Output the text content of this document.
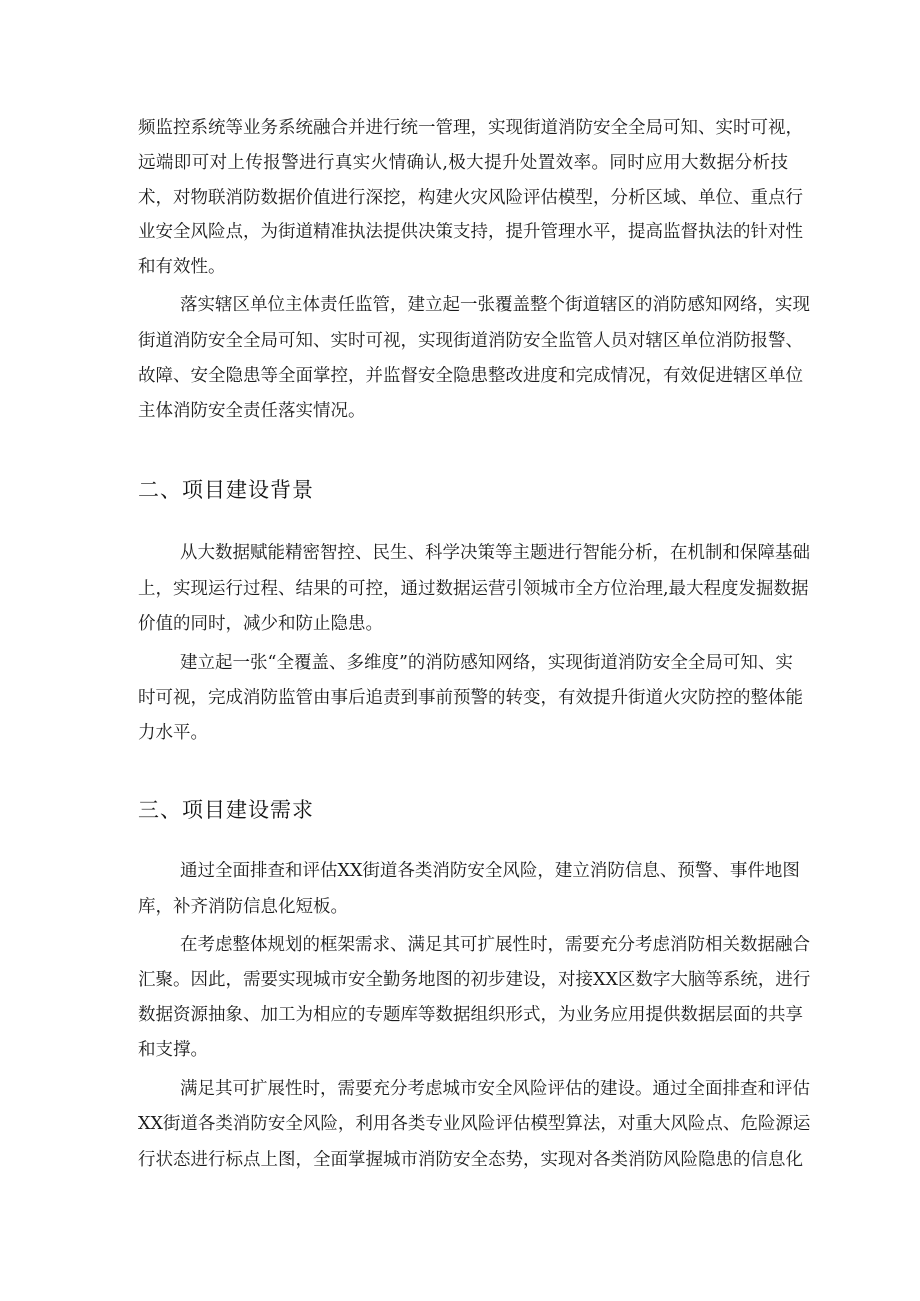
频监控系统等业务系统融合并进行统一管理，实现街道消防安全全局可知、实时可视，
远端即可对上传报警进行真实火情确认,极大提升处置效率。同时应用大数据分析技
术，对物联消防数据价值进行深挖，构建火灾风险评估模型，分析区域、单位、重点行
业安全风险点，为街道精准执法提供决策支持，提升管理水平，提高监督执法的针对性
和有效性。
落实辖区单位主体责任监管，建立起一张覆盖整个街道辖区的消防感知网络，实现
街道消防安全全局可知、实时可视，实现街道消防安全监管人员对辖区单位消防报警、
故障、安全隐患等全面掌控，并监督安全隐患整改进度和完成情况，有效促进辖区单位
主体消防安全责任落实情况。
二、项目建设背景
从大数据赋能精密智控、民生、科学决策等主题进行智能分析，在机制和保障基础
上，实现运行过程、结果的可控，通过数据运营引领城市全方位治理,最大程度发掘数据
价值的同时，减少和防止隐患。
建立起一张“全覆盖、多维度”的消防感知网络，实现街道消防安全全局可知、实
时可视，完成消防监管由事后追责到事前预警的转变，有效提升街道火灾防控的整体能
力水平。
三、项目建设需求
通过全面排查和评估XX街道各类消防安全风险，建立消防信息、预警、事件地图
库，补齐消防信息化短板。
在考虑整体规划的框架需求、满足其可扩展性时，需要充分考虑消防相关数据融合
汇聚。因此，需要实现城市安全勤务地图的初步建设，对接XX区数字大脑等系统，进行
数据资源抽象、加工为相应的专题库等数据组织形式，为业务应用提供数据层面的共享
和支撑。
满足其可扩展性时，需要充分考虑城市安全风险评估的建设。通过全面排查和评估
XX街道各类消防安全风险，利用各类专业风险评估模型算法，对重大风险点、危险源运
行状态进行标点上图，全面掌握城市消防安全态势，实现对各类消防风险隐患的信息化
